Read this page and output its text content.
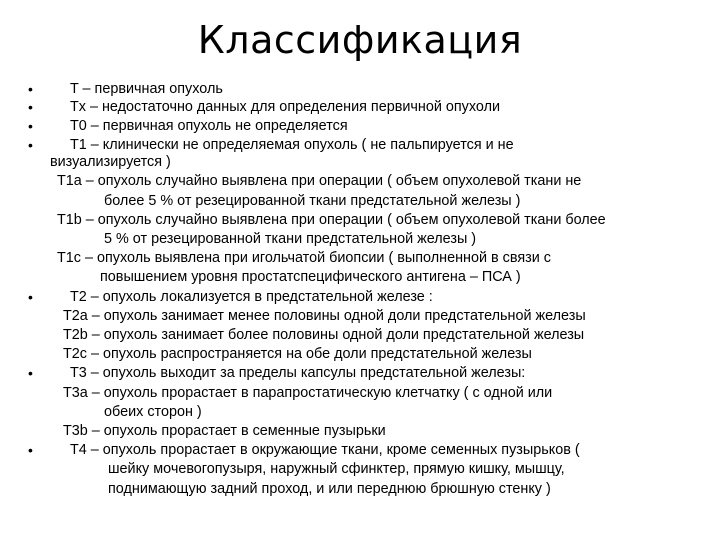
Классификация
•
•
•
•
•
•
•
T – первичная опухоль
Tx – недостаточно данных для определения первичной опухоли
T0 – первичная опухоль не определяется
T1 – клинически не определяемая опухоль ( не пальпируется и не
визуализируется )
T1a – опухоль случайно выявлена при операции ( объем опухолевой ткани не
более 5 % от резецированной ткани предстательной железы )
T1b – опухоль случайно выявлена при операции ( объем опухолевой ткани более
5 % от резецированной ткани предстательной железы )
T1c – опухоль выявлена при игольчатой биопсии ( выполненной в связи с
повышением уровня простатспецифического антигена – ПСА )
T2 – опухоль локализуется в предстательной железе :
T2a – опухоль занимает менее половины одной доли предстательной железы
T2b – опухоль занимает более половины одной доли предстательной железы
T2c – опухоль распространяется на обе доли предстательной железы
T3 – опухоль выходит за пределы капсулы предстательной железы:
T3a – опухоль прорастает в парапростатическую клетчатку ( с одной или
обеих сторон )
T3b – опухоль прорастает в семенные пузырьки
T4 – опухоль прорастает в окружающие ткани, кроме семенных пузырьков (
шейку мочевогопузыря, наружный сфинктер, прямую кишку, мышцу,
поднимающую задний проход, и или переднюю брюшную стенку )
